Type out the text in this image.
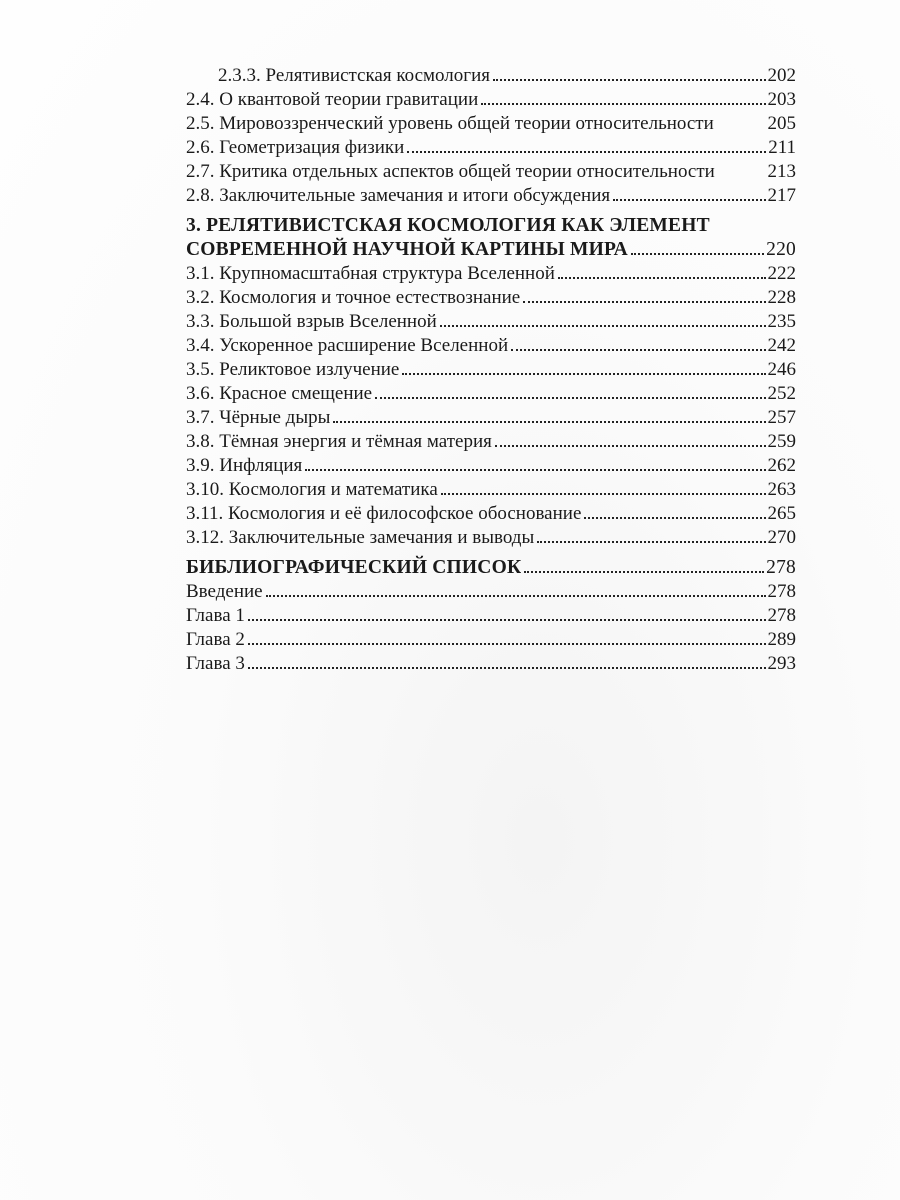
2.3.3. Релятивистская космология	202
2.4. О квантовой теории гравитации	203
2.5. Мировоззренческий уровень общей теории относительности	205
2.6. Геометризация физики	211
2.7. Критика отдельных аспектов общей теории относительности	213
2.8. Заключительные замечания и итоги обсуждения	217
3. РЕЛЯТИВИСТСКАЯ КОСМОЛОГИЯ КАК ЭЛЕМЕНТ
СОВРЕМЕННОЙ НАУЧНОЙ КАРТИНЫ МИРА	220
3.1. Крупномасштабная структура Вселенной	222
3.2. Космология и точное естествознание	228
3.3. Большой взрыв Вселенной	235
3.4. Ускоренное расширение Вселенной	242
3.5. Реликтовое излучение	246
3.6. Красное смещение	252
3.7. Чёрные дыры	257
3.8. Тёмная энергия и тёмная материя	259
3.9. Инфляция	262
3.10. Космология и математика	263
3.11. Космология и её философское обоснование	265
3.12. Заключительные замечания и выводы	270
БИБЛИОГРАФИЧЕСКИЙ СПИСОК	278
Введение	278
Глава 1	278
Глава 2	289
Глава 3	293
